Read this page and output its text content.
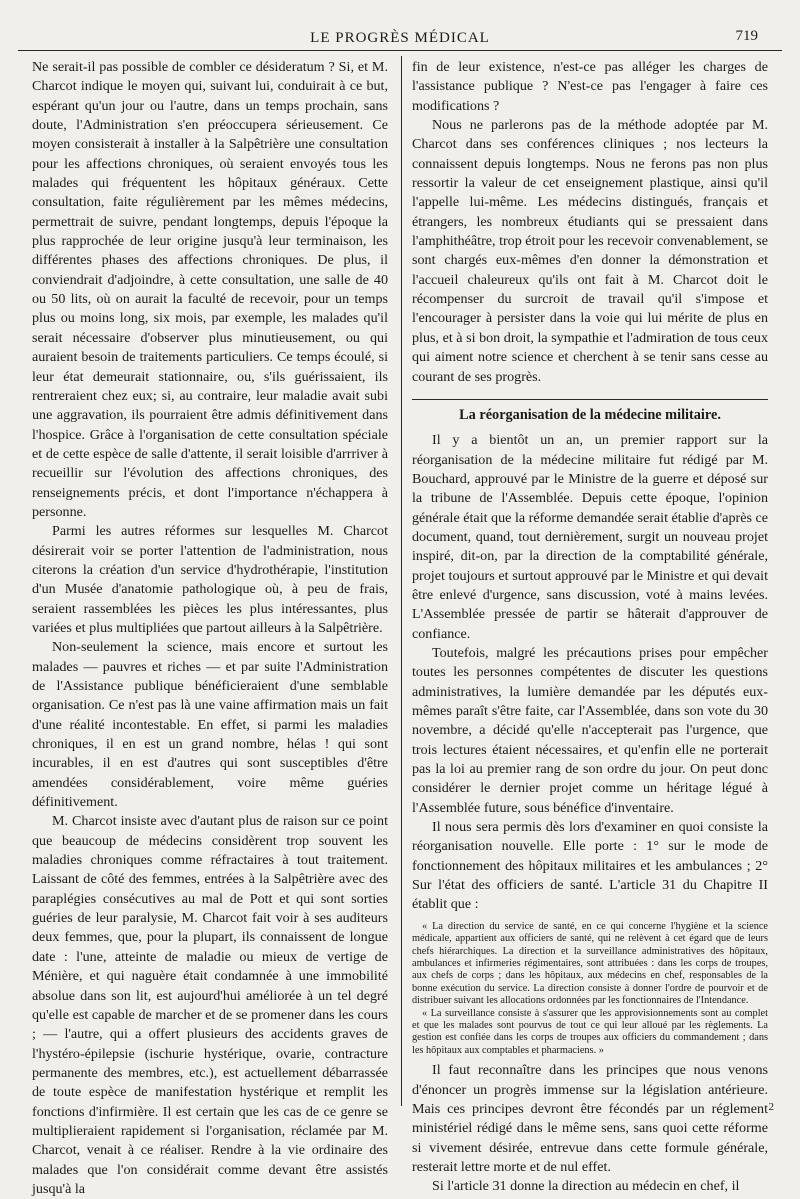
LE PROGRÈS MÉDICAL	719

Ne serait-il pas possible de combler ce désideratum ? Si, et M. Charcot indique le moyen qui, suivant lui, conduirait à ce but, espérant qu'un jour ou l'autre, dans un temps prochain, sans doute, l'Administration s'en préoccupera sérieusement. Ce moyen consisterait à installer à la Salpêtrière une consultation pour les affections chroniques, où seraient envoyés tous les malades qui fréquentent les hôpitaux généraux. Cette consultation, faite régulièrement par les mêmes médecins, permettrait de suivre, pendant longtemps, depuis l'époque la plus rapprochée de leur origine jusqu'à leur terminaison, les différentes phases des affections chroniques. De plus, il conviendrait d'adjoindre, à cette consultation, une salle de 40 ou 50 lits, où on aurait la faculté de recevoir, pour un temps plus ou moins long, six mois, par exemple, les malades qu'il serait nécessaire d'observer plus minutieusement, ou qui auraient besoin de traitements particuliers. Ce temps écoulé, si leur état demeurait stationnaire, ou, s'ils guérissaient, ils rentreraient chez eux; si, au contraire, leur maladie avait subi une aggravation, ils pourraient être admis définitivement dans l'hospice. Grâce à l'organisation de cette consultation spéciale et de cette espèce de salle d'attente, il serait loisible d'arrriver à recueillir sur l'évolution des affections chroniques, des renseignements précis, et dont l'importance n'échappera à personne.

Parmi les autres réformes sur lesquelles M. Charcot désirerait voir se porter l'attention de l'administration, nous citerons la création d'un service d'hydrothérapie, l'institution d'un Musée d'anatomie pathologique où, à peu de frais, seraient rassemblées les pièces les plus intéressantes, plus variées et plus multipliées que partout ailleurs à la Salpêtrière.

Non-seulement la science, mais encore et surtout les malades — pauvres et riches — et par suite l'Administration de l'Assistance publique bénéficieraient d'une semblable organisation. Ce n'est pas là une vaine affirmation mais un fait d'une réalité incontestable. En effet, si parmi les maladies chroniques, il en est un grand nombre, hélas ! qui sont incurables, il en est d'autres qui sont susceptibles d'être amendées considérablement, voire même guéries définitivement.

M. Charcot insiste avec d'autant plus de raison sur ce point que beaucoup de médecins considèrent trop souvent les maladies chroniques comme réfractaires à tout traitement. Laissant de côté des femmes, entrées à la Salpêtrière avec des paraplégies consécutives au mal de Pott et qui sont sorties guéries de leur paralysie, M. Charcot fait voir à ses auditeurs deux femmes, que, pour la plupart, ils connaissent de longue date : l'une, atteinte de maladie ou mieux de vertige de Ménière, et qui naguère était condamnée à une immobilité absolue dans son lit, est aujourd'hui améliorée à un tel degré qu'elle est capable de marcher et de se promener dans les cours ; — l'autre, qui a offert plusieurs des accidents graves de l'hystéro-épilepsie (ischurie hystérique, ovarie, contracture permanente des membres, etc.), est actuellement débarrassée de toute espèce de manifestation hystérique et remplit les fonctions d'infirmière. Il est certain que les cas de ce genre se multiplieraient rapidement si l'organisation, réclamée par M. Charcot, venait à ce réaliser. Rendre à la vie ordinaire des malades que l'on considérait comme devant être assistés jusqu'à la

fin de leur existence, n'est-ce pas alléger les charges de l'assistance publique ? N'est-ce pas l'engager à faire ces modifications ?

Nous ne parlerons pas de la méthode adoptée par M. Charcot dans ses conférences cliniques ; nos lecteurs la connaissent depuis longtemps. Nous ne ferons pas non plus ressortir la valeur de cet enseignement plastique, ainsi qu'il l'appelle lui-même. Les médecins distingués, français et étrangers, les nombreux étudiants qui se pressaient dans l'amphithéâtre, trop étroit pour les recevoir convenablement, se sont chargés eux-mêmes d'en donner la démonstration et l'accueil chaleureux qu'ils ont fait à M. Charcot doit le récompenser du surcroit de travail qu'il s'impose et l'encourager à persister dans la voie qui lui mérite de plus en plus, et à si bon droit, la sympathie et l'admiration de tous ceux qui aiment notre science et cherchent à se tenir sans cesse au courant de ses progrès.

La réorganisation de la médecine militaire.

Il y a bientôt un an, un premier rapport sur la réorganisation de la médecine militaire fut rédigé par M. Bouchard, approuvé par le Ministre de la guerre et déposé sur la tribune de l'Assemblée. Depuis cette époque, l'opinion générale était que la réforme demandée serait établie d'après ce document, quand, tout dernièrement, surgit un nouveau projet inspiré, dit-on, par la direction de la comptabilité générale, projet toujours et surtout approuvé par le Ministre et qui devait être enlevé d'urgence, sans discussion, voté à mains levées. L'Assemblée pressée de partir se hâterait d'approuver de confiance.

Toutefois, malgré les précautions prises pour empêcher toutes les personnes compétentes de discuter les questions administratives, la lumière demandée par les députés eux-mêmes paraît s'être faite, car l'Assemblée, dans son vote du 30 novembre, a décidé qu'elle n'accepterait pas l'urgence, que trois lectures étaient nécessaires, et qu'enfin elle ne porterait pas la loi au premier rang de son ordre du jour. On peut donc considérer le dernier projet comme un héritage légué à l'Assemblée future, sous bénéfice d'inventaire.

Il nous sera permis dès lors d'examiner en quoi consiste la réorganisation nouvelle. Elle porte : 1° sur le mode de fonctionnement des hôpitaux militaires et les ambulances ; 2° Sur l'état des officiers de santé. L'article 31 du Chapitre II établit que :

« La direction du service de santé, en ce qui concerne l'hygiène et la science médicale, appartient aux officiers de santé, qui ne relèvent à cet égard que de leurs chefs hiérarchiques. La direction et la surveillance administratives des hôpitaux, ambulances et infirmeries régimentaires, sont attribuées : dans les corps de troupes, aux chefs de corps ; dans les hôpitaux, aux médecins en chef, responsables de la bonne exécution du service. La direction consiste à donner l'ordre de pourvoir et de distribuer suivant les allocations ordonnées par les fonctionnaires de l'Intendance.

« La surveillance consiste à s'assurer que les approvisionnements sont au complet et que les malades sont pourvus de tout ce qui leur alloué par les règlements. La gestion est confiée dans les corps de troupes aux officiers du commandement ; dans les hôpitaux aux comptables et pharmaciens. »

Il faut reconnaître dans les principes que nous venons d'énoncer un progrès immense sur la législation antérieure. Mais ces principes devront être fécondés par un réglement ministériel rédigé dans le même sens, sans quoi cette réforme si vivement désirée, entrevue dans cette formule générale, resterait lettre morte et de nul effet.

Si l'article 31 donne la direction au médecin en chef, il

2
